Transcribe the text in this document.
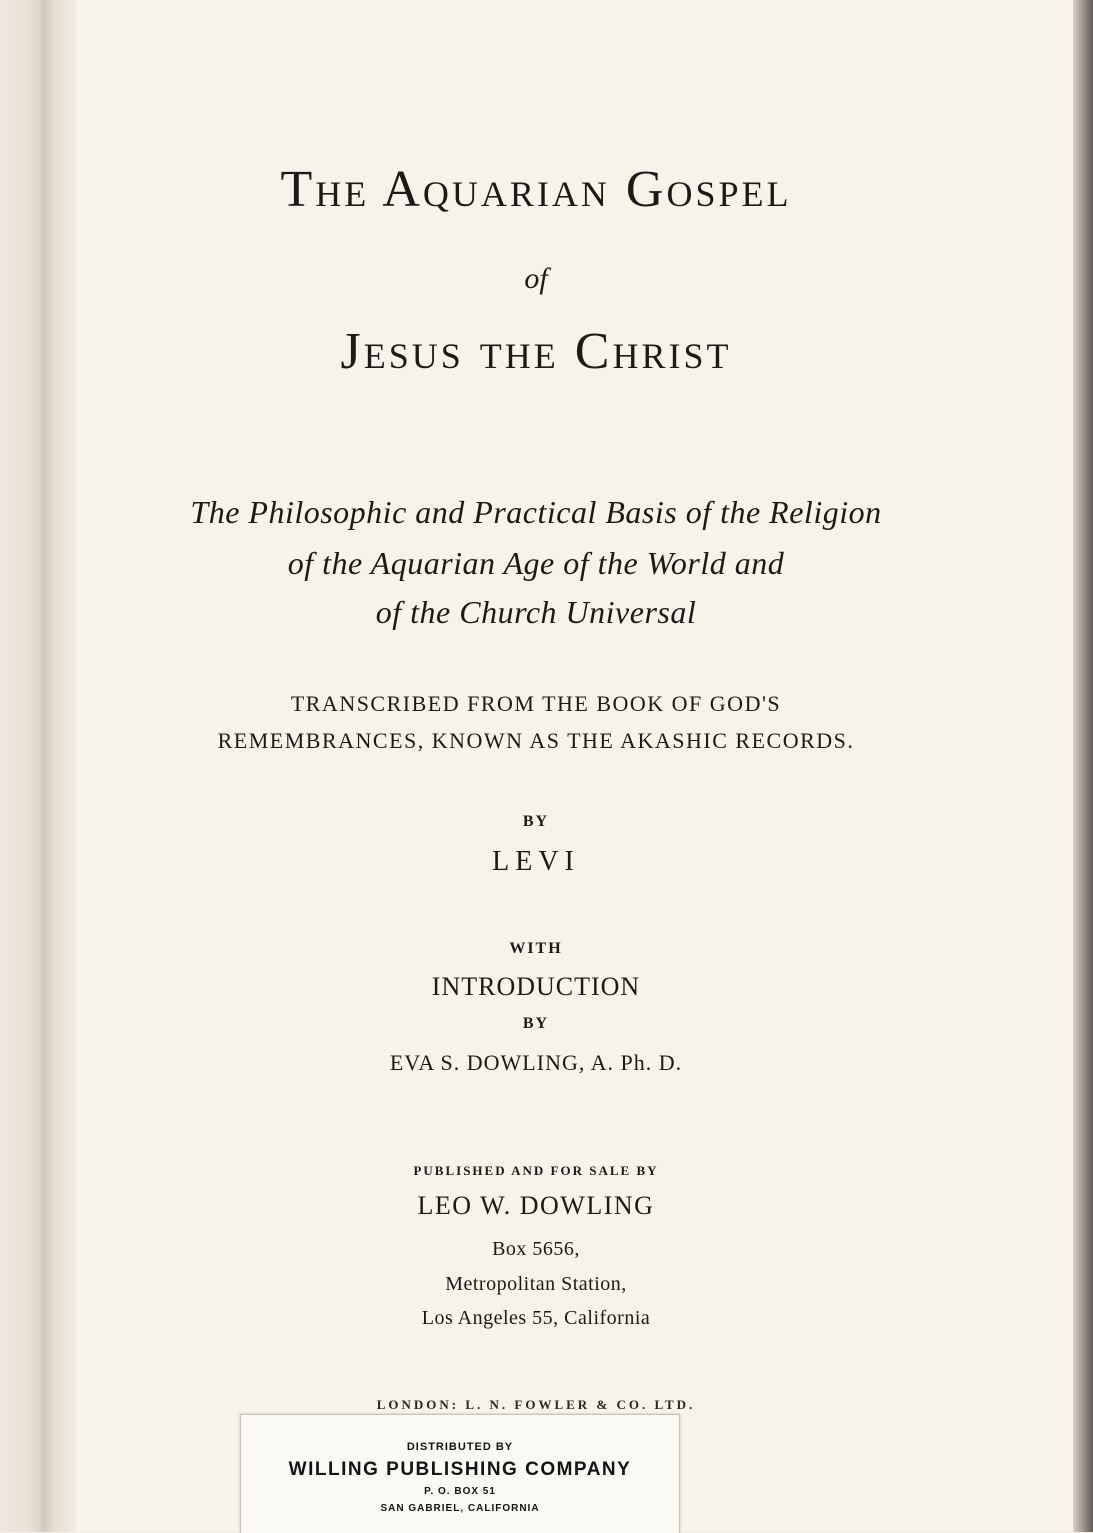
The Aquarian Gospel

of

Jesus the Christ

The Philosophic and Practical Basis of the Religion

of the Aquarian Age of the World and

of the Church Universal

TRANSCRIBED FROM THE BOOK OF GOD'S

REMEMBRANCES, KNOWN AS THE AKASHIC RECORDS.

BY

LEVI

WITH

INTRODUCTION

BY

EVA S. DOWLING, A. Ph. D.

PUBLISHED AND FOR SALE BY

LEO W. DOWLING

Box 5656,

Metropolitan Station,

Los Angeles 55, California

LONDON: L. N. FOWLER & CO. LTD.

DISTRIBUTED BY
WILLING PUBLISHING COMPANY
P. O. BOX 51
SAN GABRIEL, CALIFORNIA
